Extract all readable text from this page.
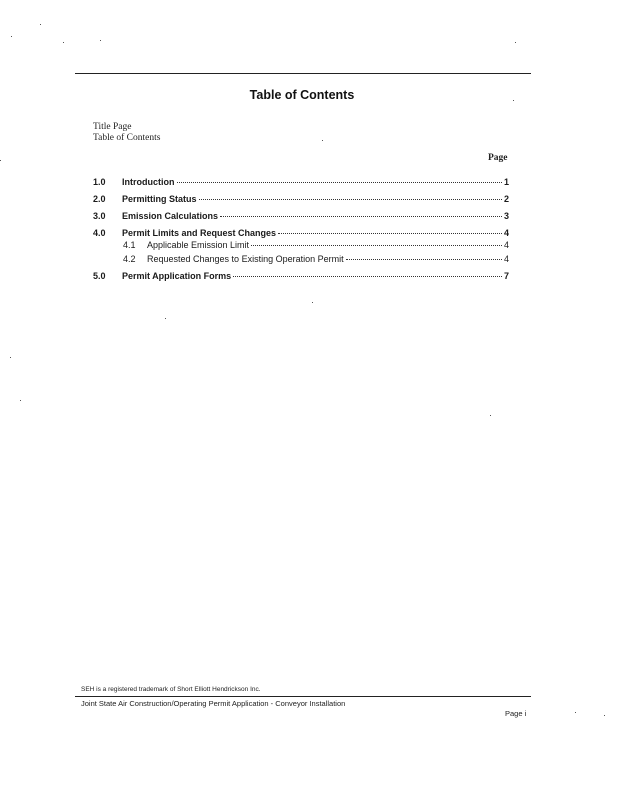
Table of Contents
Title Page
Table of Contents
Page
1.0	Introduction	1
2.0	Permitting Status	2
3.0	Emission Calculations	3
4.0	Permit Limits and Request Changes	4
4.1	Applicable Emission Limit	4
4.2	Requested Changes to Existing Operation Permit	4
5.0	Permit Application Forms	7
SEH is a registered trademark of Short Elliott Hendrickson Inc.
Joint State Air Construction/Operating Permit Application - Conveyor Installation
Page i
